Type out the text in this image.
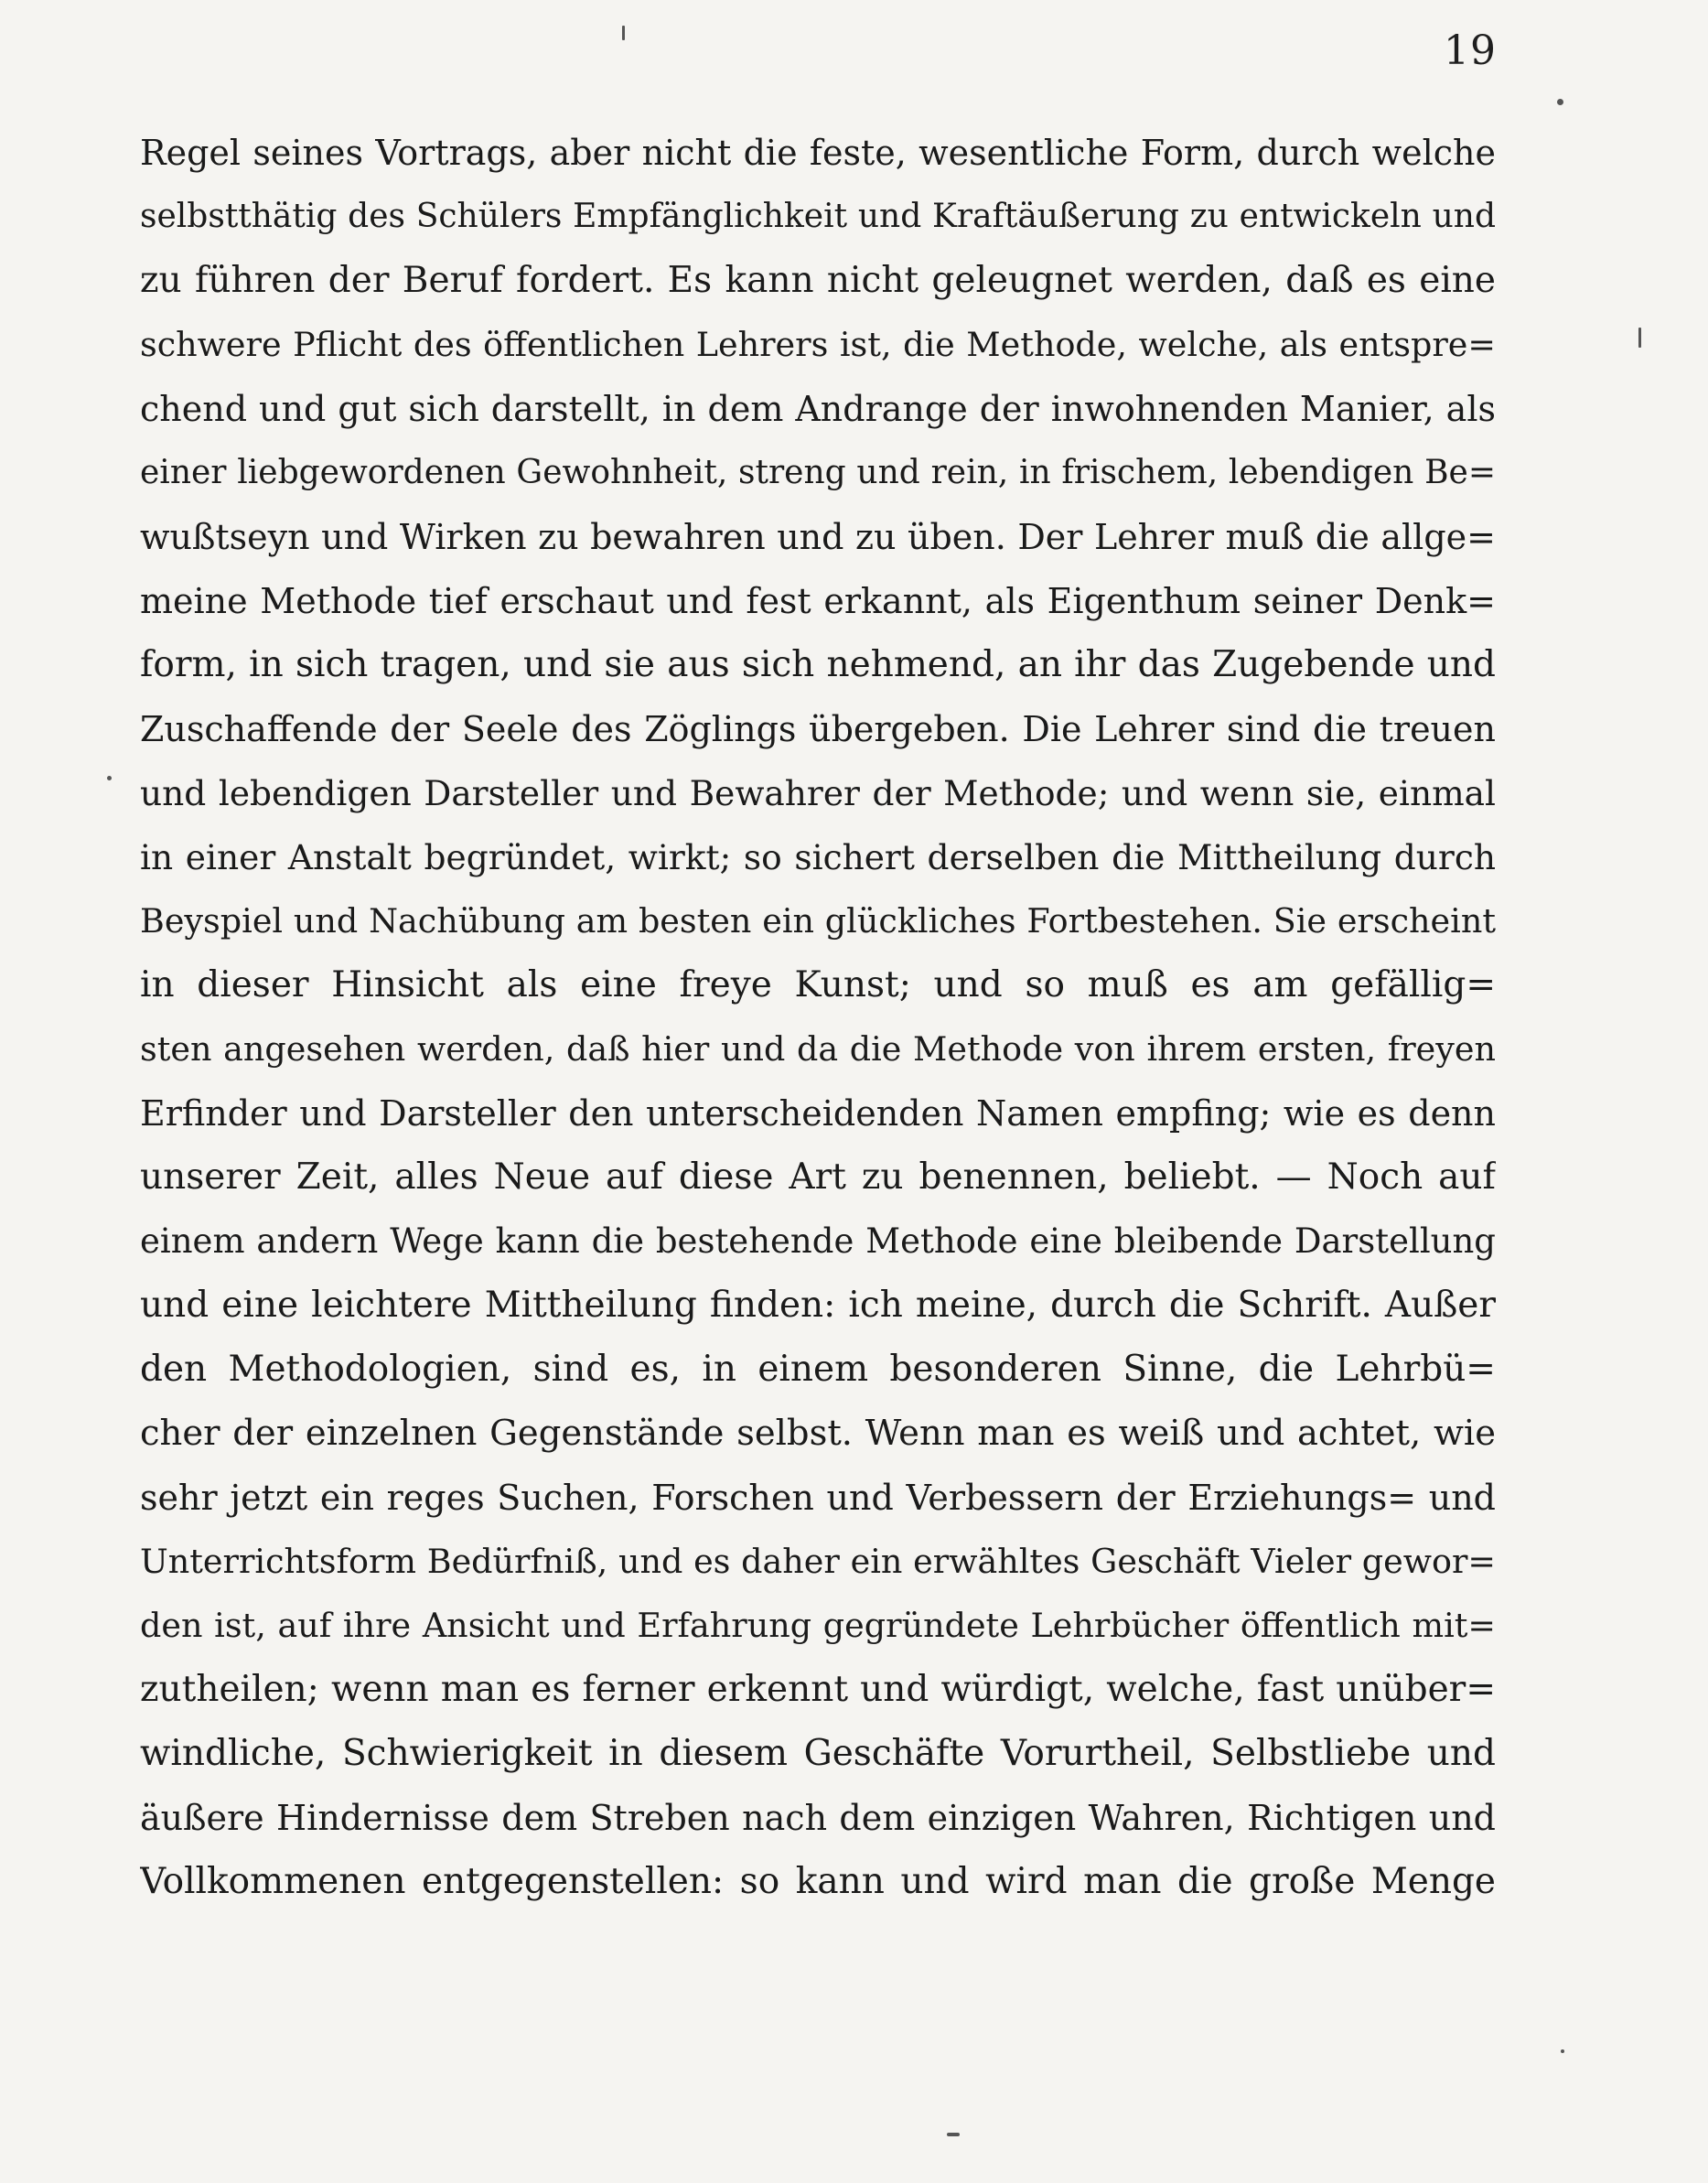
19
Regel seines Vortrags, aber nicht die feste, wesentliche Form, durch welche
selbstthätig des Schülers Empfänglichkeit und Kraftäußerung zu entwickeln und
zu führen der Beruf fordert. Es kann nicht geleugnet werden, daß es eine
schwere Pflicht des öffentlichen Lehrers ist, die Methode, welche, als entspre=
chend und gut sich darstellt, in dem Andrange der inwohnenden Manier, als
einer liebgewordenen Gewohnheit, streng und rein, in frischem, lebendigen Be=
wußtseyn und Wirken zu bewahren und zu üben. Der Lehrer muß die allge=
meine Methode tief erschaut und fest erkannt, als Eigenthum seiner Denk=
form, in sich tragen, und sie aus sich nehmend, an ihr das Zugebende und
Zuschaffende der Seele des Zöglings übergeben. Die Lehrer sind die treuen
und lebendigen Darsteller und Bewahrer der Methode; und wenn sie, einmal
in einer Anstalt begründet, wirkt; so sichert derselben die Mittheilung durch
Beyspiel und Nachübung am besten ein glückliches Fortbestehen. Sie erscheint
in dieser Hinsicht als eine freye Kunst; und so muß es am gefällig=
sten angesehen werden, daß hier und da die Methode von ihrem ersten, freyen
Erfinder und Darsteller den unterscheidenden Namen empfing; wie es denn
unserer Zeit, alles Neue auf diese Art zu benennen, beliebt. — Noch auf
einem andern Wege kann die bestehende Methode eine bleibende Darstellung
und eine leichtere Mittheilung finden: ich meine, durch die Schrift. Außer
den Methodologien, sind es, in einem besonderen Sinne, die Lehrbü=
cher der einzelnen Gegenstände selbst. Wenn man es weiß und achtet, wie
sehr jetzt ein reges Suchen, Forschen und Verbessern der Erziehungs= und
Unterrichtsform Bedürfniß, und es daher ein erwähltes Geschäft Vieler gewor=
den ist, auf ihre Ansicht und Erfahrung gegründete Lehrbücher öffentlich mit=
zutheilen; wenn man es ferner erkennt und würdigt, welche, fast unüber=
windliche, Schwierigkeit in diesem Geschäfte Vorurtheil, Selbstliebe und
äußere Hindernisse dem Streben nach dem einzigen Wahren, Richtigen und
Vollkommenen entgegenstellen: so kann und wird man die große Menge
